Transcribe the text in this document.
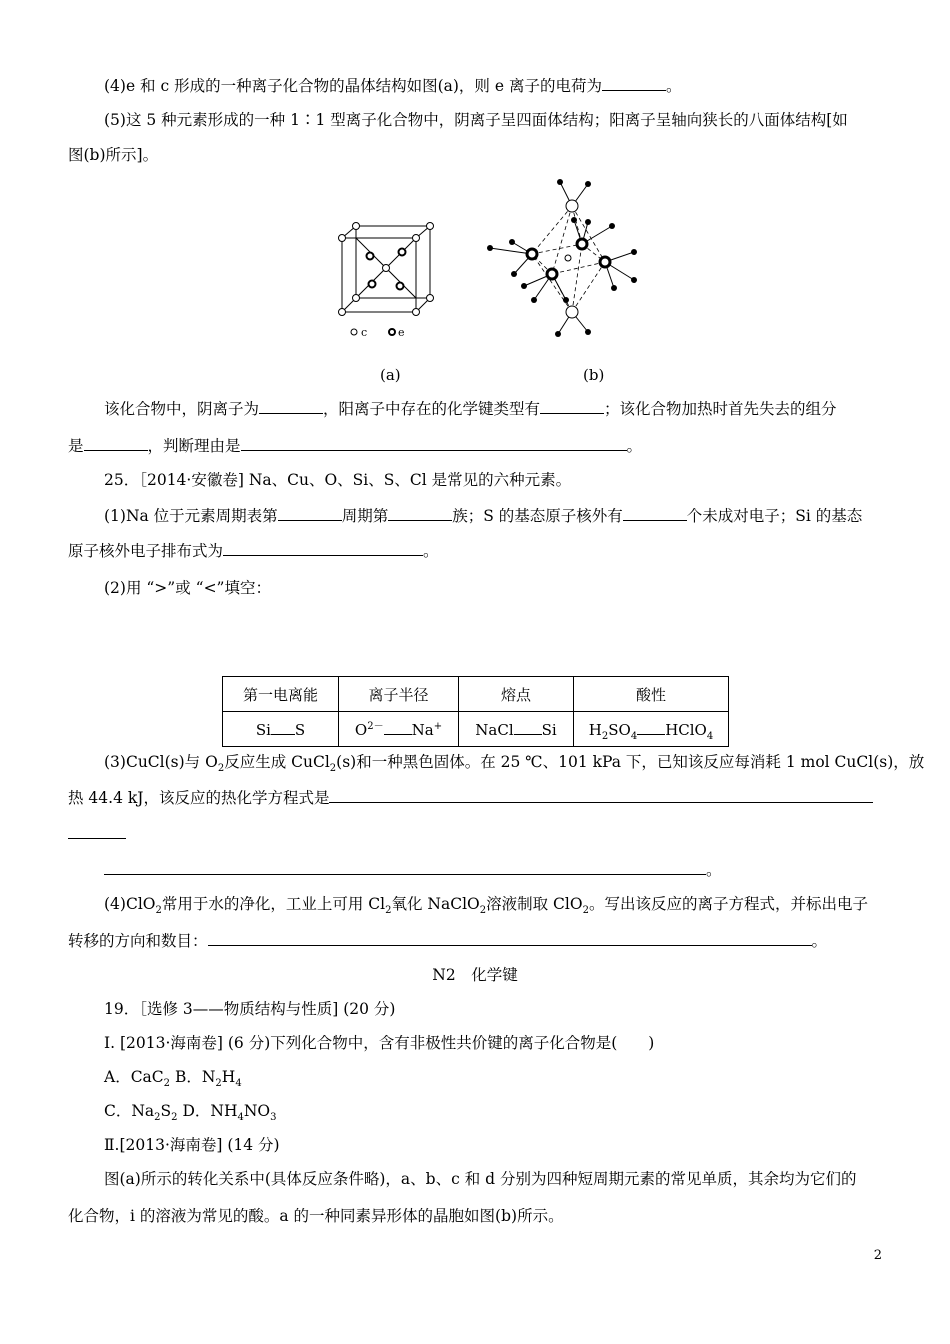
(4)e 和 c 形成的一种离子化合物的晶体结构如图(a)，则 e 离子的电荷为	。
(5)这 5 种元素形成的一种 1∶1 型离子化合物中，阴离子呈四面体结构；阳离子呈轴向狭长的八面体结构[如
图(b)所示]。
c	e
(a)	(b)
该化合物中，阴离子为	，阳离子中存在的化学键类型有	；该化合物加热时首先失去的组分
是	，判断理由是	。
25．［2014·安徽卷] Na、Cu、O、Si、S、Cl 是常见的六种元素。
(1)Na 位于元素周期表第	周期第	族；S 的基态原子核外有	个未成对电子；Si 的基态
原子核外电子排布式为	。
(2)用 “>”或 “<”填空：
第一电离能	离子半径	熔点	酸性
Si S	$O^{2-}$ Na+	NaCl Si	$H_2SO_4$ HClO$_4$
(3)CuCl(s)与 $O_2$反应生成 CuCl$_2$(s)和一种黑色固体。在 25 ℃、101 kPa 下，已知该反应每消耗 1 mol CuCl(s)，放
热 44.4 kJ，该反应的热化学方程式是
。
(4)ClO$_2$常用于水的净化，工业上可用 $Cl_2$氧化 NaClO$_2$溶液制取 ClO$_2$。写出该反应的离子方程式，并标出电子
转移的方向和数目：	。
N2　化学键
19．［选修 3——物质结构与性质] (20 分)
Ⅰ. [2013·海南卷] (6 分)下列化合物中，含有非极性共价键的离子化合物是(　　)
A．CaC$_2$ B．$N_2H_4$
C．$Na_2S_2$ D．$NH_4NO_3$
Ⅱ.[2013·海南卷] (14 分)
图(a)所示的转化关系中(具体反应条件略)，a、b、c 和 d 分别为四种短周期元素的常见单质，其余均为它们的
化合物，i 的溶液为常见的酸。a 的一种同素异形体的晶胞如图(b)所示。
2
